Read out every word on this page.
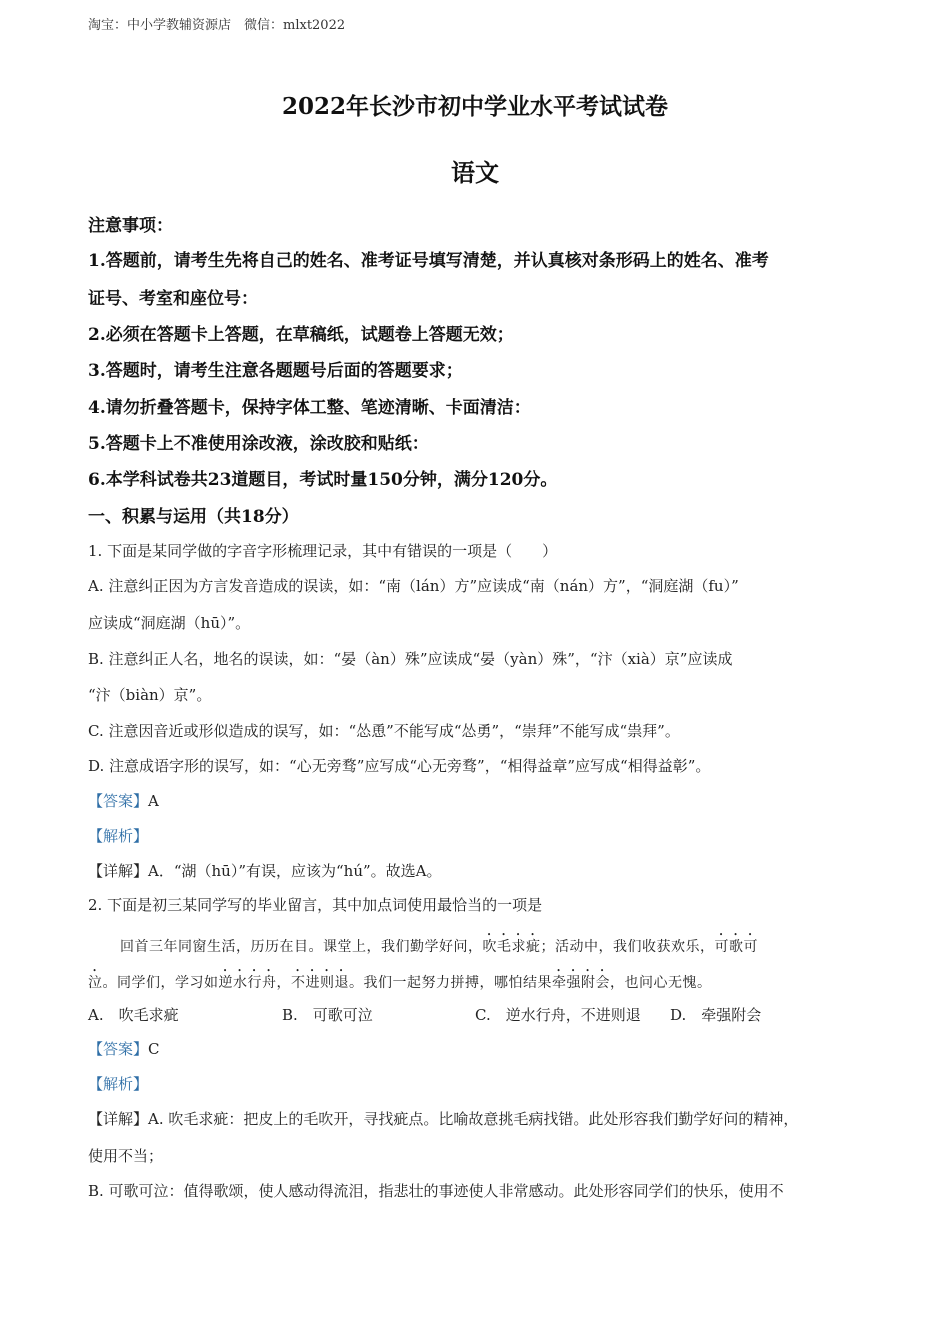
淘宝：中小学教辅资源店　微信：mlxt2022
2022年长沙市初中学业水平考试试卷
语文
注意事项：
1.答题前，请考生先将自己的姓名、准考证号填写清楚，并认真核对条形码上的姓名、准考
证号、考室和座位号：
2.必须在答题卡上答题，在草稿纸，试题卷上答题无效；
3.答题时，请考生注意各题题号后面的答题要求；
4.请勿折叠答题卡，保持字体工整、笔迹清晰、卡面清洁：
5.答题卡上不准使用涂改液，涂改胶和贴纸：
6.本学科试卷共23道题目，考试时量150分钟，满分120分。
一、积累与运用（共18分）
1. 下面是某同学做的字音字形梳理记录，其中有错误的一项是（　　）
A. 注意纠正因为方言发音造成的误读，如：“南（lán）方”应读成“南（nán）方”，“洞庭湖（fu）”
应读成“洞庭湖（hū）”。
B. 注意纠正人名，地名的误读，如：“晏（àn）殊”应读成“晏（yàn）殊”，“汴（xià）京”应读成
“汴（biàn）京”。
C. 注意因音近或形似造成的误写，如：“怂恿”不能写成“怂勇”，“崇拜”不能写成“祟拜”。
D. 注意成语字形的误写，如：“心无旁骛”应写成“心无旁骛”，“相得益章”应写成“相得益彰”。
【答案】A
【解析】
【详解】A．“湖（hū）”有误，应该为“hú”。故选A。
2. 下面是初三某同学写的毕业留言，其中加点词使用最恰当的一项是
回首三年同窗生活，历历在目。课堂上，我们勤学好问，吹毛求疵；活动中，我们收获欢乐，可歌可
泣。同学们，学习如逆水行舟，不进则退。我们一起努力拼搏，哪怕结果牵强附会，也问心无愧。
A.　吹毛求疵	B.　可歌可泣	C.　逆水行舟，不进则退 D.　牵强附会
【答案】C
【解析】
【详解】A. 吹毛求疵：把皮上的毛吹开，寻找疵点。比喻故意挑毛病找错。此处形容我们勤学好问的精神，
使用不当；
B. 可歌可泣：值得歌颂，使人感动得流泪，指悲壮的事迹使人非常感动。此处形容同学们的快乐，使用不
